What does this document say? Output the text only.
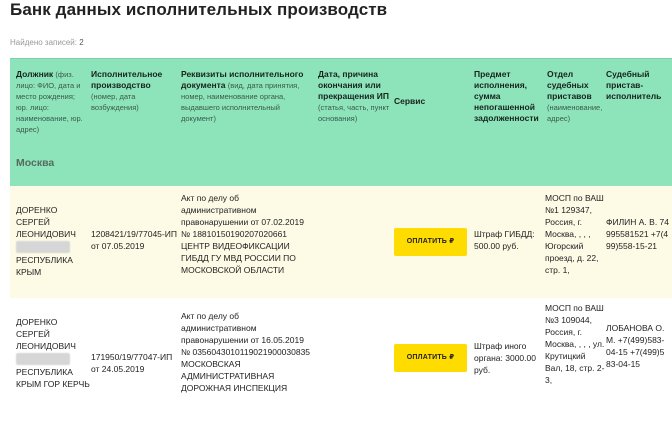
Банк данных исполнительных производств
Найдено записей: 2
Должник (физ. лицо: ФИО, дата и место рождения; юр. лицо: наименование, юр. адрес)
Исполнительное производство (номер, дата возбуждения)
Реквизиты исполнительного документа (вид, дата принятия, номер, наименование органа, выдавшего исполнительный документ)
Дата, причина окончания или прекращения ИП (статья, часть, пункт основания)
Сервис
Предмет исполнения, сумма непогашенной задолженности
Отдел судебных приставов (наименование, адрес)
Судебный пристав-исполнитель
Москва
ДОРЕНКО СЕРГЕЙ ЛЕОНИДОВИЧ
РЕСПУБЛИКА КРЫМ
1208421/19/77045-ИП от 07.05.2019
Акт по делу об административном правонарушении от 07.02.2019 № 18810150190207020661 ЦЕНТР ВИДЕОФИКСАЦИИ ГИБДД ГУ МВД РОССИИ ПО МОСКОВСКОЙ ОБЛАСТИ
ОПЛАТИТЬ ₽
Штраф ГИБДД: 500.00 руб.
МОСП по ВАШ №1 129347, Россия, г. Москва, , , , Югорский проезд, д. 22, стр. 1,
ФИЛИН А. В. 74995581521 +7(499)558-15-21
ДОРЕНКО СЕРГЕЙ ЛЕОНИДОВИЧ
РЕСПУБЛИКА КРЫМ ГОР КЕРЧЬ
171950/19/77047-ИП от 24.05.2019
Акт по делу об административном правонарушении от 16.05.2019 № 0356043010119021900030835 МОСКОВСКАЯ АДМИНИСТРАТИВНАЯ ДОРОЖНАЯ ИНСПЕКЦИЯ
ОПЛАТИТЬ ₽
Штраф иного органа: 3000.00 руб.
МОСП по ВАШ №3 109044, Россия, г. Москва, , , , ул. Крутицкий Вал, 18, стр. 2-3,
ЛОБАНОВА О. М. +7(499)583-04-15 +7(499)583-04-15
